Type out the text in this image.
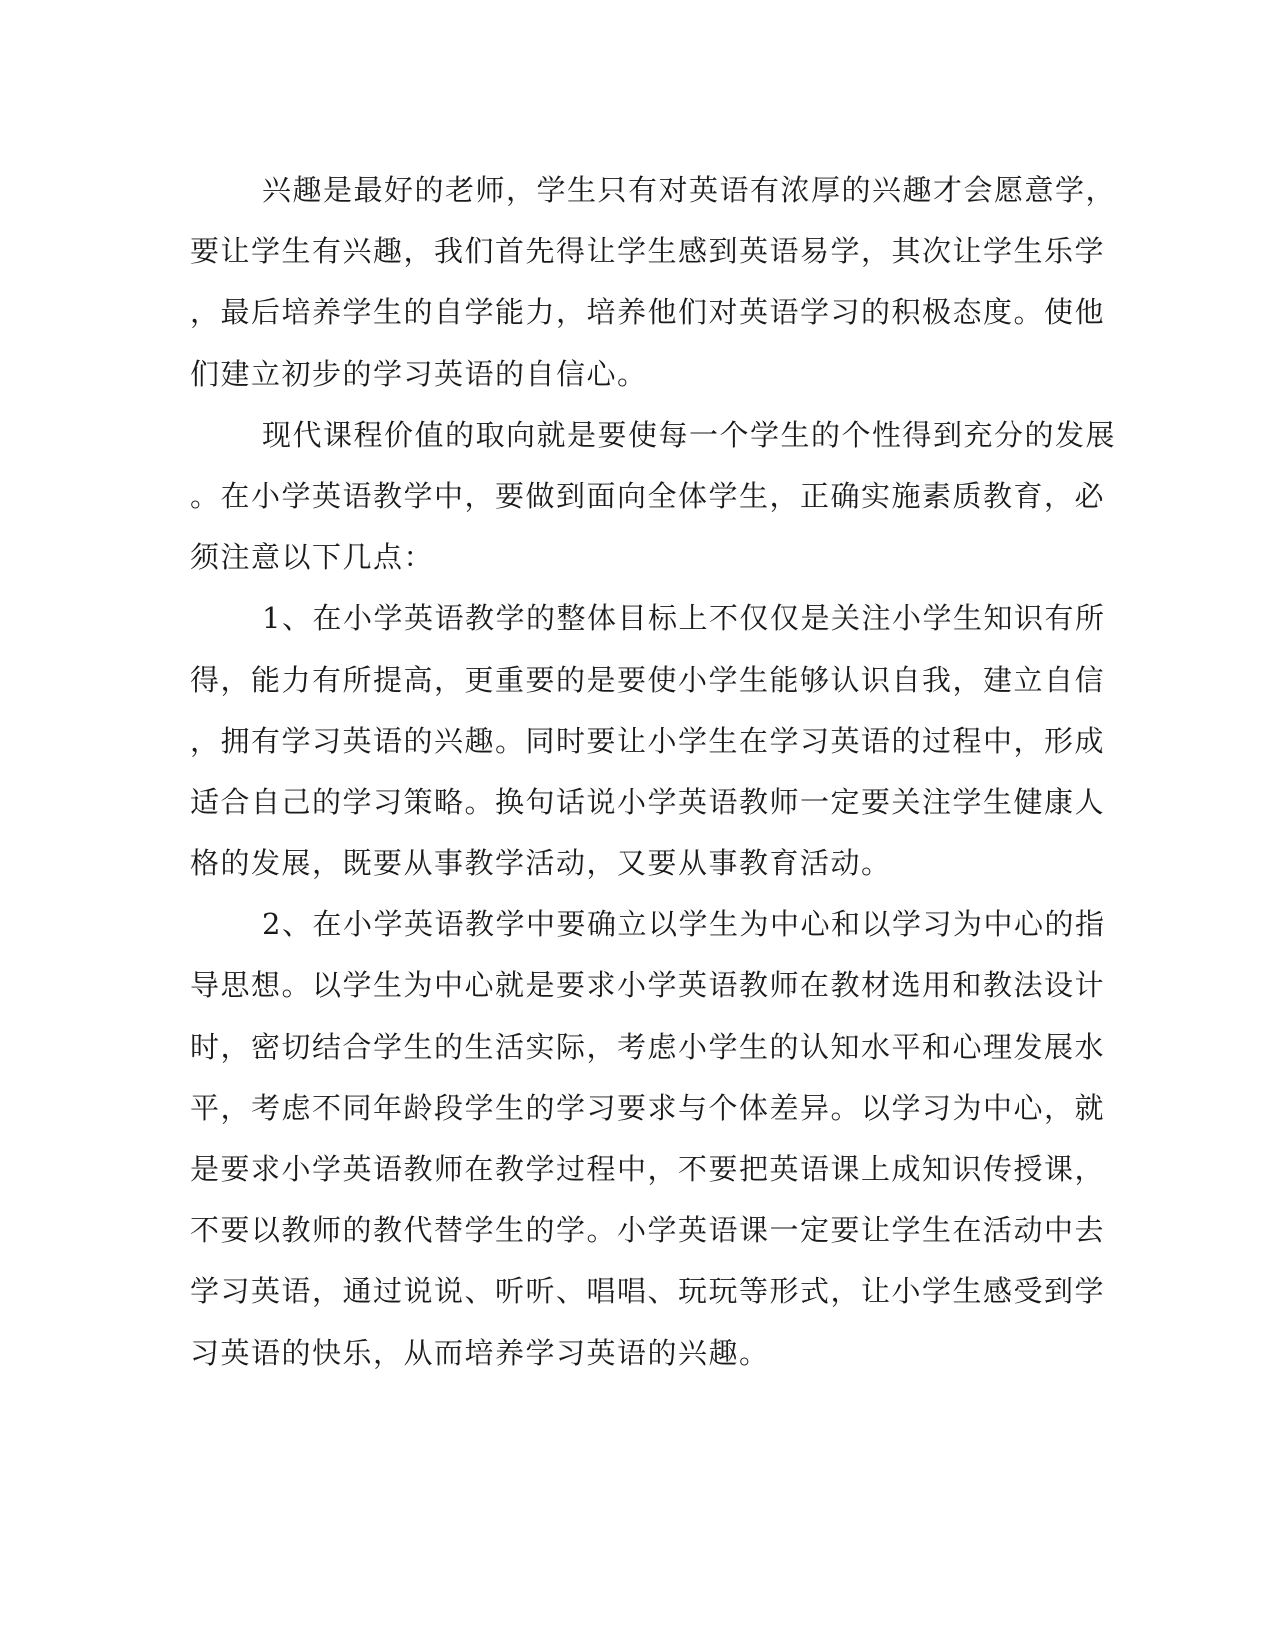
兴趣是最好的老师，学生只有对英语有浓厚的兴趣才会愿意学，
要让学生有兴趣，我们首先得让学生感到英语易学，其次让学生乐学
，最后培养学生的自学能力，培养他们对英语学习的积极态度。使他
们建立初步的学习英语的自信心。

现代课程价值的取向就是要使每一个学生的个性得到充分的发展
。在小学英语教学中，要做到面向全体学生，正确实施素质教育，必
须注意以下几点：

1、在小学英语教学的整体目标上不仅仅是关注小学生知识有所
得，能力有所提高，更重要的是要使小学生能够认识自我，建立自信
，拥有学习英语的兴趣。同时要让小学生在学习英语的过程中，形成
适合自己的学习策略。换句话说小学英语教师一定要关注学生健康人
格的发展，既要从事教学活动，又要从事教育活动。

2、在小学英语教学中要确立以学生为中心和以学习为中心的指
导思想。以学生为中心就是要求小学英语教师在教材选用和教法设计
时，密切结合学生的生活实际，考虑小学生的认知水平和心理发展水
平，考虑不同年龄段学生的学习要求与个体差异。以学习为中心，就
是要求小学英语教师在教学过程中，不要把英语课上成知识传授课，
不要以教师的教代替学生的学。小学英语课一定要让学生在活动中去
学习英语，通过说说、听听、唱唱、玩玩等形式，让小学生感受到学
习英语的快乐，从而培养学习英语的兴趣。
